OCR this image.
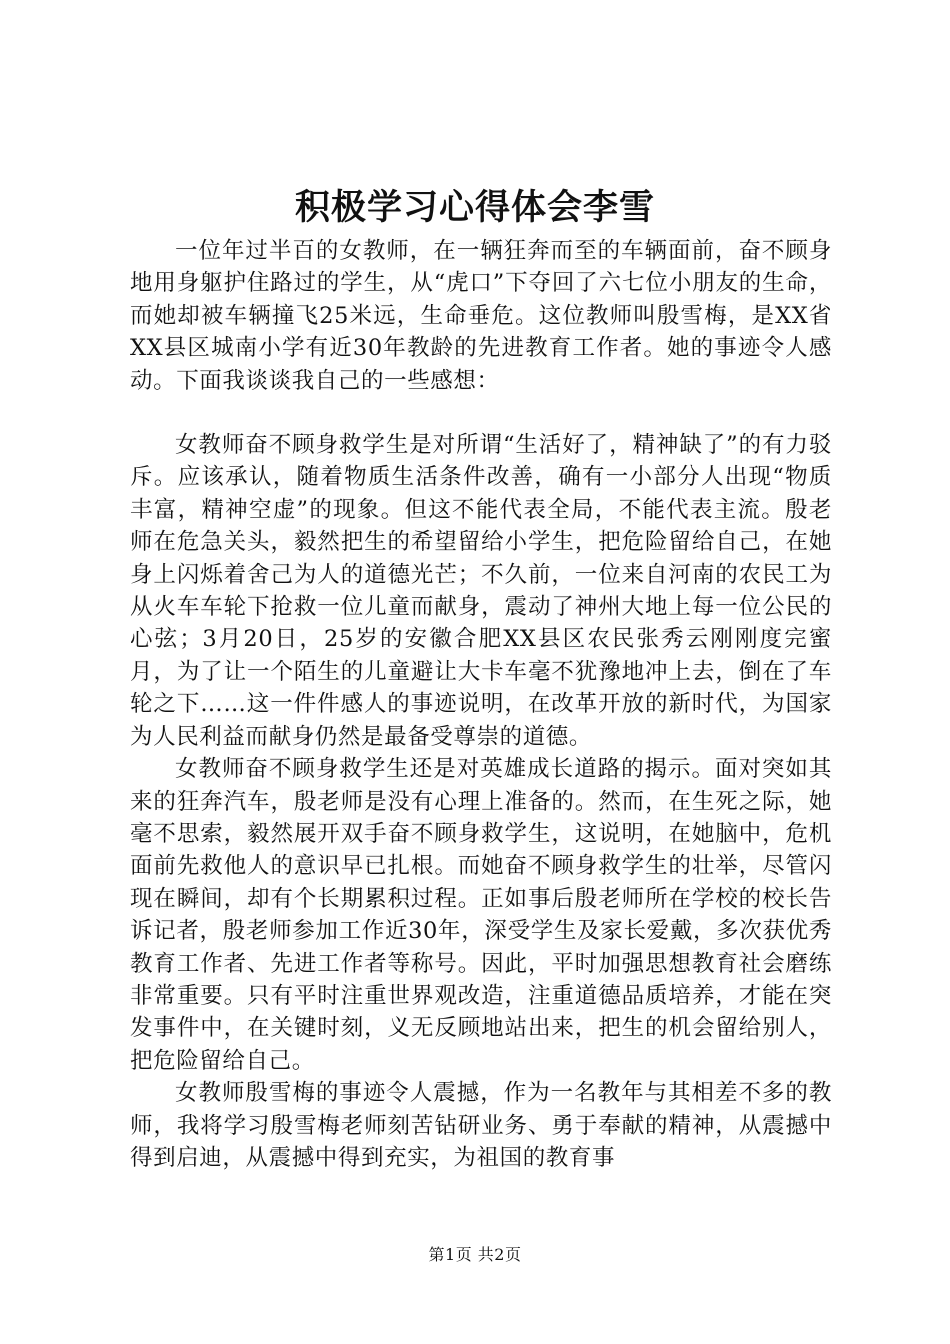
积极学习心得体会李雪

一位年过半百的女教师，在一辆狂奔而至的车辆面前，奋不顾身地用身躯护住路过的学生，从“虎口”下夺回了六七位小朋友的生命，而她却被车辆撞飞25米远，生命垂危。这位教师叫殷雪梅，是XX省XX县区城南小学有近30年教龄的先进教育工作者。她的事迹令人感动。下面我谈谈我自己的一些感想：

女教师奋不顾身救学生是对所谓“生活好了，精神缺了”的有力驳斥。应该承认，随着物质生活条件改善，确有一小部分人出现“物质丰富，精神空虚”的现象。但这不能代表全局，不能代表主流。殷老师在危急关头，毅然把生的希望留给小学生，把危险留给自己，在她身上闪烁着舍己为人的道德光芒；不久前，一位来自河南的农民工为从火车车轮下抢救一位儿童而献身，震动了神州大地上每一位公民的心弦；3月20日，25岁的安徽合肥XX县区农民张秀云刚刚度完蜜月，为了让一个陌生的儿童避让大卡车毫不犹豫地冲上去，倒在了车轮之下……这一件件感人的事迹说明，在改革开放的新时代，为国家为人民利益而献身仍然是最备受尊崇的道德。

女教师奋不顾身救学生还是对英雄成长道路的揭示。面对突如其来的狂奔汽车，殷老师是没有心理上准备的。然而，在生死之际，她毫不思索，毅然展开双手奋不顾身救学生，这说明，在她脑中，危机面前先救他人的意识早已扎根。而她奋不顾身救学生的壮举，尽管闪现在瞬间，却有个长期累积过程。正如事后殷老师所在学校的校长告诉记者，殷老师参加工作近30年，深受学生及家长爱戴，多次获优秀教育工作者、先进工作者等称号。因此，平时加强思想教育社会磨练非常重要。只有平时注重世界观改造，注重道德品质培养，才能在突发事件中，在关键时刻，义无反顾地站出来，把生的机会留给别人，把危险留给自己。

女教师殷雪梅的事迹令人震撼，作为一名教年与其相差不多的教师，我将学习殷雪梅老师刻苦钻研业务、勇于奉献的精神，从震撼中得到启迪，从震撼中得到充实，为祖国的教育事

第1页 共2页
